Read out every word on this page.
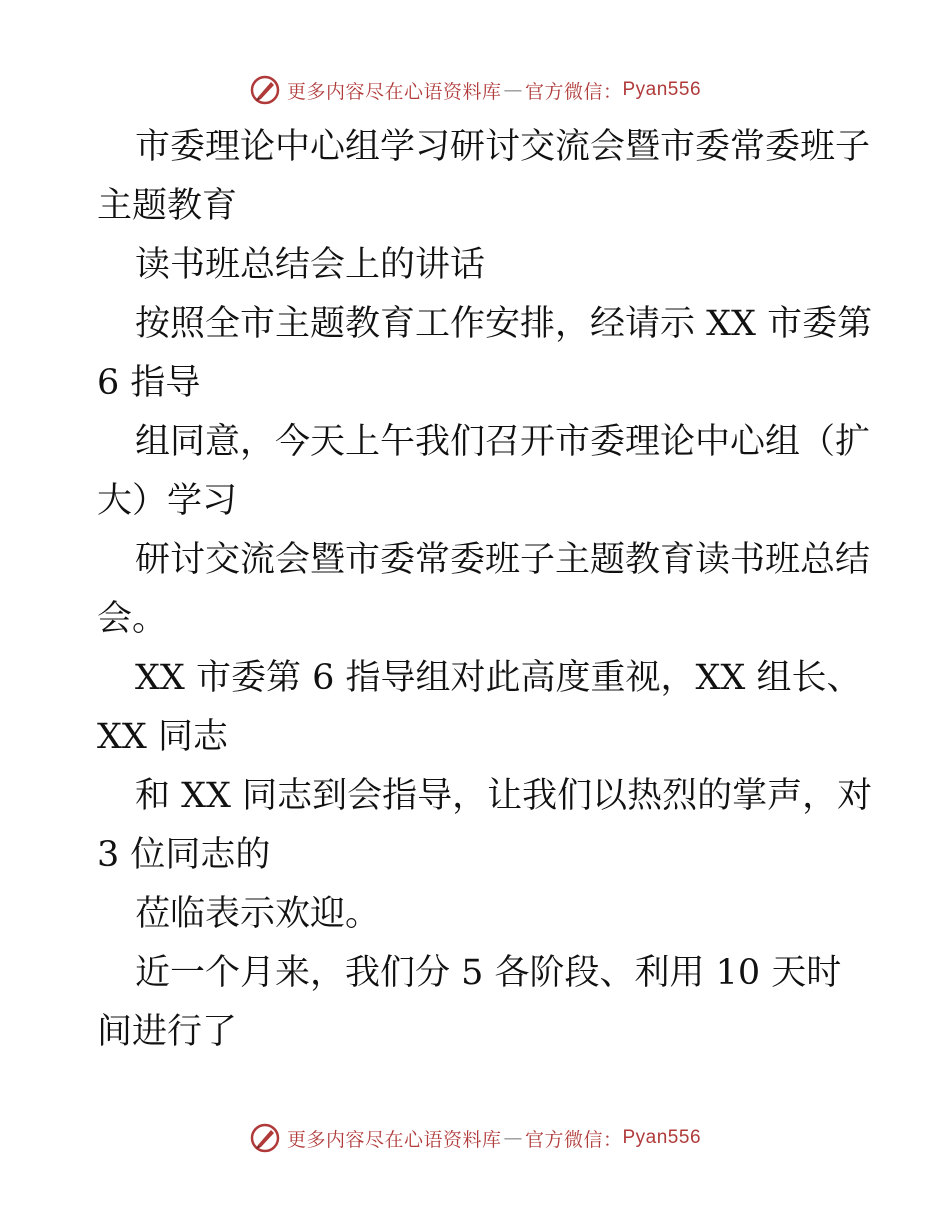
更多内容尽在心语资料库 — 官方微信： Pyan556
市委理论中心组学习研讨交流会暨市委常委班子
主题教育
读书班总结会上的讲话
按照全市主题教育工作安排，经请示 XX 市委第
6 指导
组同意，今天上午我们召开市委理论中心组（扩
大）学习
研讨交流会暨市委常委班子主题教育读书班总结
会。
XX 市委第 6 指导组对此高度重视，XX 组长、
XX 同志
和 XX 同志到会指导，让我们以热烈的掌声，对
3 位同志的
莅临表示欢迎。
近一个月来，我们分 5 各阶段、利用 10 天时
间进行了
更多内容尽在心语资料库 — 官方微信： Pyan556
